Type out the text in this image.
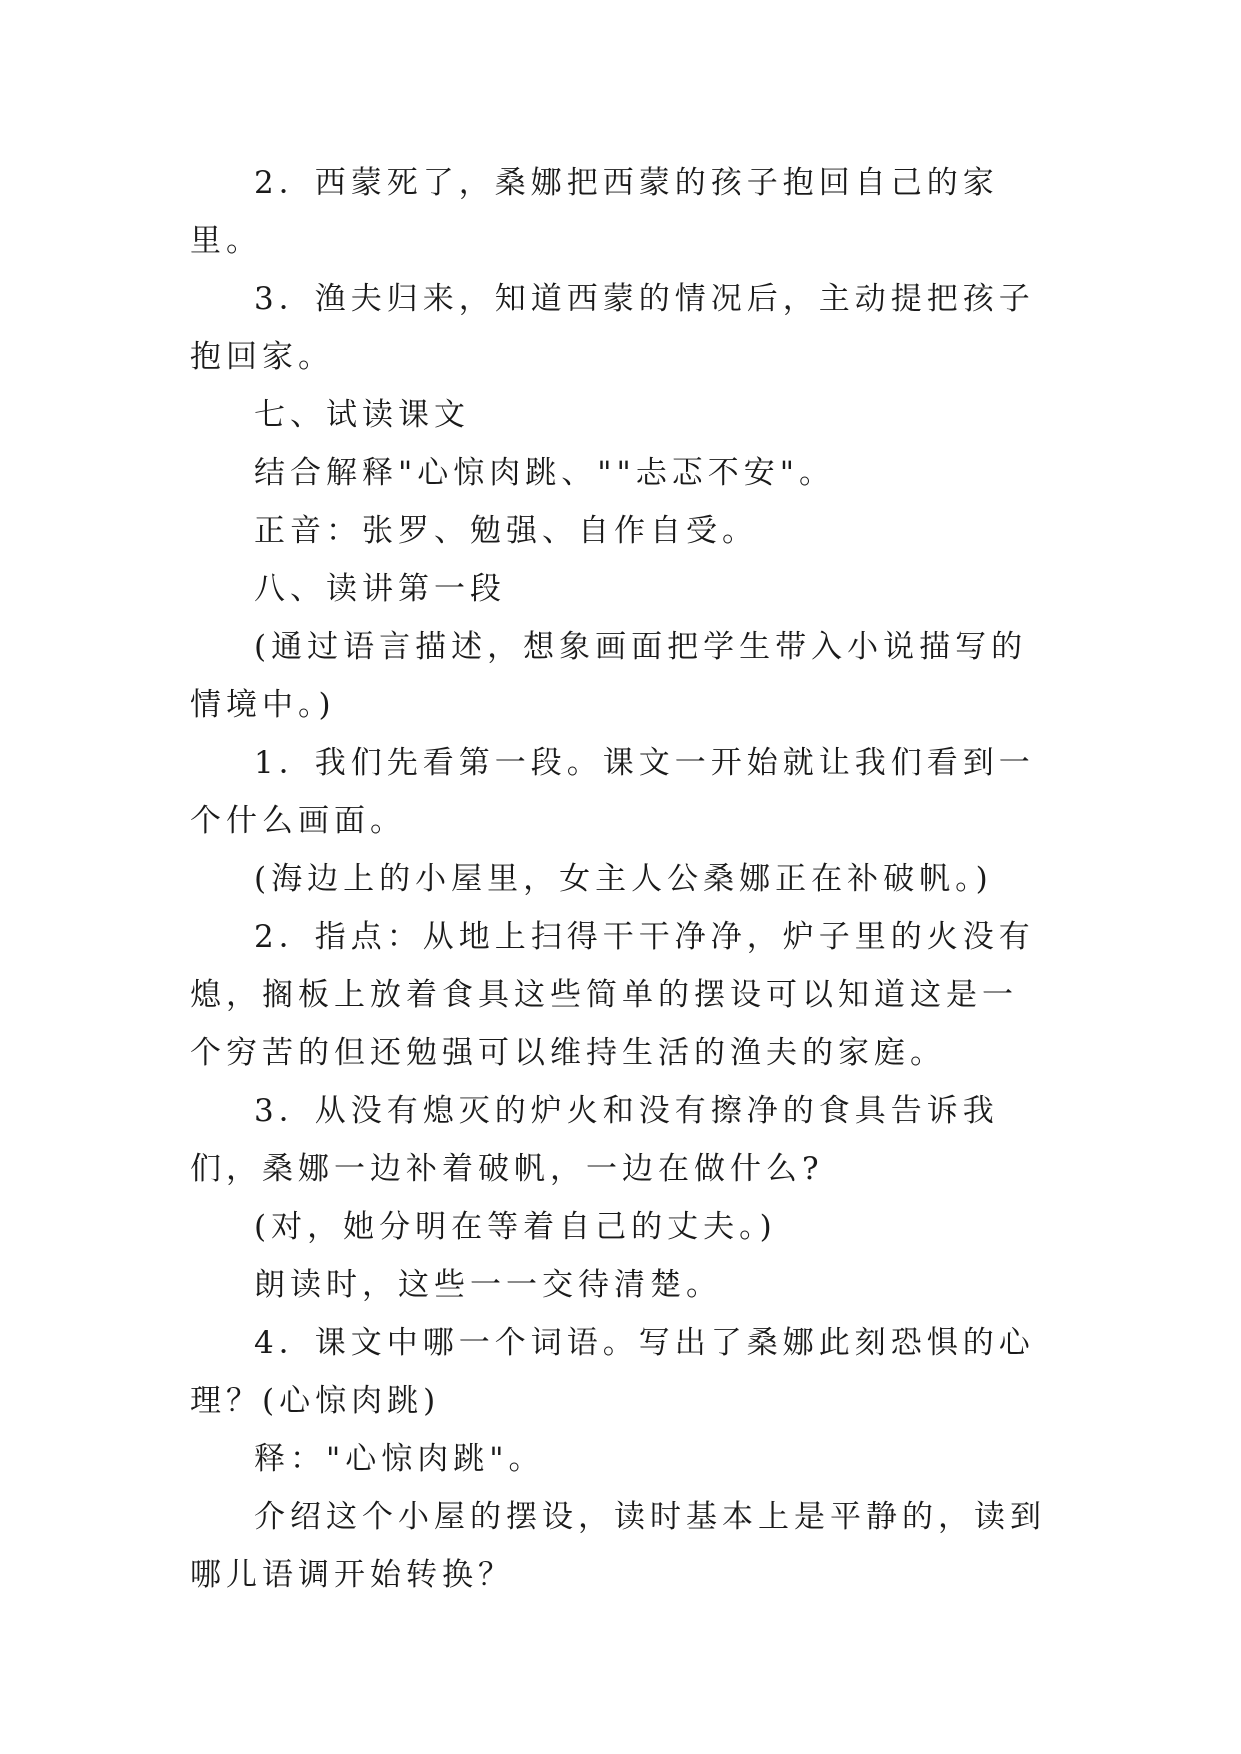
2．西蒙死了，桑娜把西蒙的孩子抱回自己的家里。

3．渔夫归来，知道西蒙的情况后，主动提把孩子抱回家。

七、试读课文

结合解释"心惊肉跳、""忐忑不安"。

正音：张罗、勉强、自作自受。

八、读讲第一段

(通过语言描述，想象画面把学生带入小说描写的情境中。)

1．我们先看第一段。课文一开始就让我们看到一个什么画面。

(海边上的小屋里，女主人公桑娜正在补破帆。)

2．指点：从地上扫得干干净净，炉子里的火没有熄，搁板上放着食具这些简单的摆设可以知道这是一个穷苦的但还勉强可以维持生活的渔夫的家庭。

3．从没有熄灭的炉火和没有擦净的食具告诉我们，桑娜一边补着破帆，一边在做什么?

(对，她分明在等着自己的丈夫。)

朗读时，这些一一交待清楚。

4．课文中哪一个词语。写出了桑娜此刻恐惧的心理？(心惊肉跳)

释："心惊肉跳"。

介绍这个小屋的摆设，读时基本上是平静的，读到哪儿语调开始转换？
